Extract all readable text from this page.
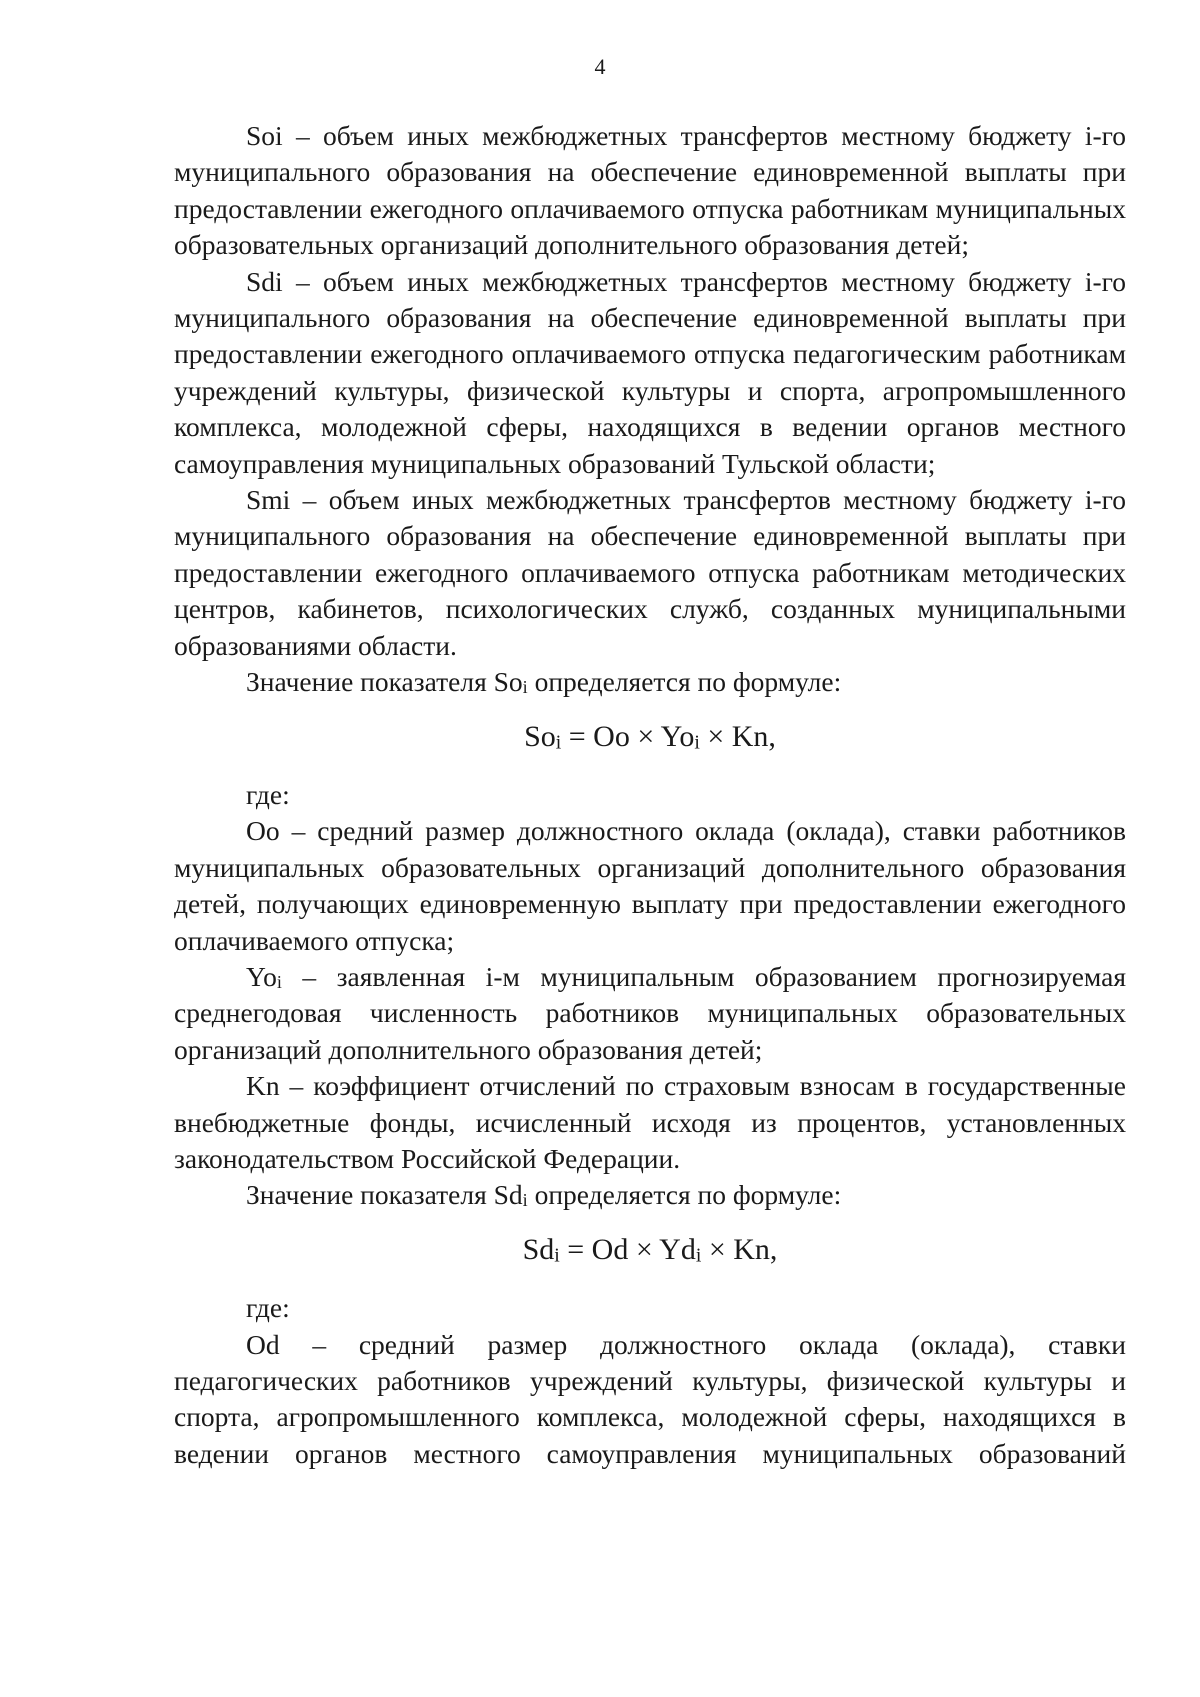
4

Soi – объем иных межбюджетных трансфертов местному бюджету i-го муниципального образования на обеспечение единовременной выплаты при предоставлении ежегодного оплачиваемого отпуска работникам муниципальных образовательных организаций дополнительного образования детей;

Sdi – объем иных межбюджетных трансфертов местному бюджету i-го муниципального образования на обеспечение единовременной выплаты при предоставлении ежегодного оплачиваемого отпуска педагогическим работникам учреждений культуры, физической культуры и спорта, агропромышленного комплекса, молодежной сферы, находящихся в ведении органов местного самоуправления муниципальных образований Тульской области;

Smi – объем иных межбюджетных трансфертов местному бюджету i-го муниципального образования на обеспечение единовременной выплаты при предоставлении ежегодного оплачиваемого отпуска работникам методических центров, кабинетов, психологических служб, созданных муниципальными образованиями области.

Значение показателя $So_i$ определяется по формуле:

$So_i = Oo \times Yo_i \times Kn$,

где:

Oo – средний размер должностного оклада (оклада), ставки работников муниципальных образовательных организаций дополнительного образования детей, получающих единовременную выплату при предоставлении ежегодного оплачиваемого отпуска;

$Yo_i$ – заявленная i-м муниципальным образованием прогнозируемая среднегодовая численность работников муниципальных образовательных организаций дополнительного образования детей;

Kn – коэффициент отчислений по страховым взносам в государственные внебюджетные фонды, исчисленный исходя из процентов, установленных законодательством Российской Федерации.

Значение показателя $Sd_i$ определяется по формуле:

$Sd_i = Od \times Yd_i \times Kn$,

где:

Od – средний размер должностного оклада (оклада), ставки педагогических работников учреждений культуры, физической культуры и спорта, агропромышленного комплекса, молодежной сферы, находящихся в ведении органов местного самоуправления муниципальных образований
